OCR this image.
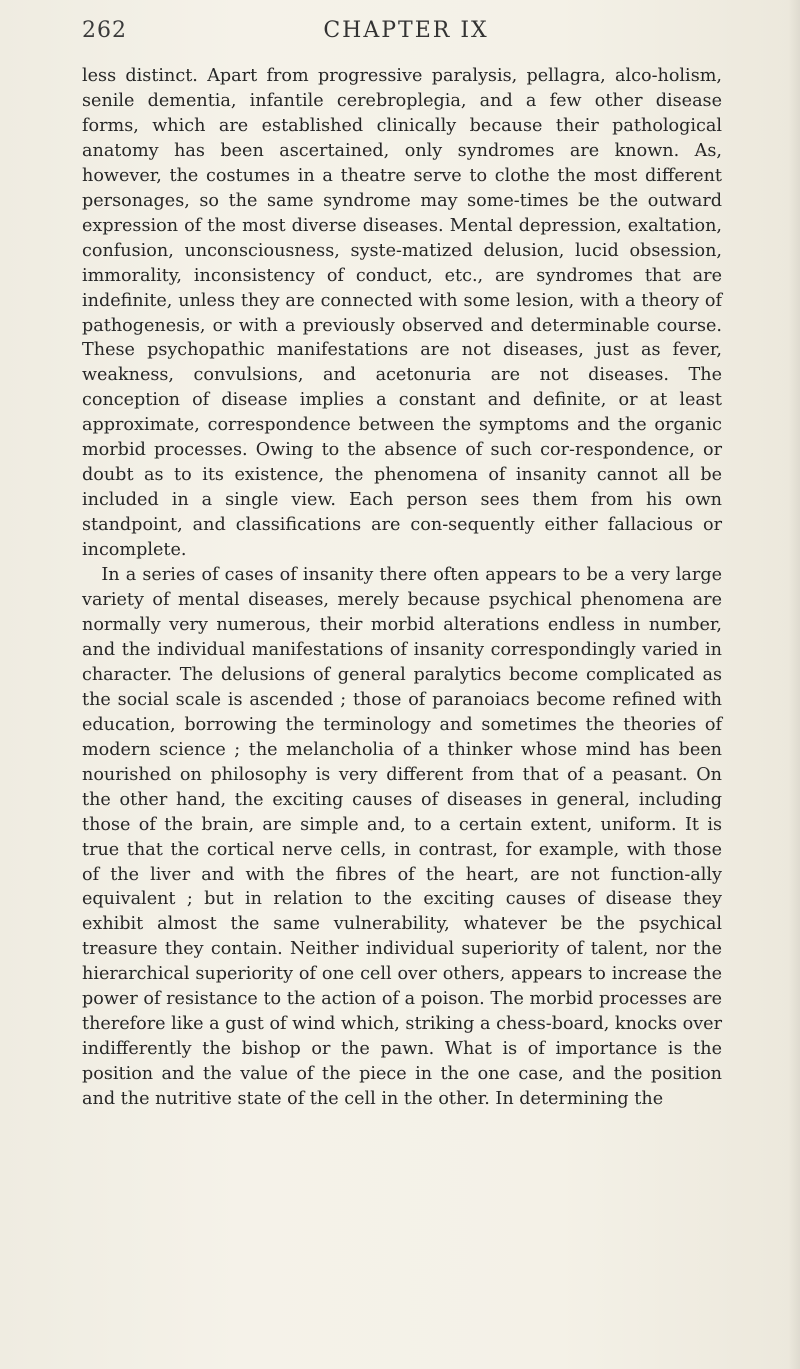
262	CHAPTER IX

less distinct. Apart from progressive paralysis, pellagra, alco-holism, senile dementia, infantile cerebroplegia, and a few other disease forms, which are established clinically because their pathological anatomy has been ascertained, only syndromes are known. As, however, the costumes in a theatre serve to clothe the most different personages, so the same syndrome may some-times be the outward expression of the most diverse diseases. Mental depression, exaltation, confusion, unconsciousness, syste-matized delusion, lucid obsession, immorality, inconsistency of conduct, etc., are syndromes that are indefinite, unless they are connected with some lesion, with a theory of pathogenesis, or with a previously observed and determinable course. These psychopathic manifestations are not diseases, just as fever, weakness, convulsions, and acetonuria are not diseases. The conception of disease implies a constant and definite, or at least approximate, correspondence between the symptoms and the organic morbid processes. Owing to the absence of such cor-respondence, or doubt as to its existence, the phenomena of insanity cannot all be included in a single view. Each person sees them from his own standpoint, and classifications are con-sequently either fallacious or incomplete.

In a series of cases of insanity there often appears to be a very large variety of mental diseases, merely because psychical phenomena are normally very numerous, their morbid alterations endless in number, and the individual manifestations of insanity correspondingly varied in character. The delusions of general paralytics become complicated as the social scale is ascended ; those of paranoiacs become refined with education, borrowing the terminology and sometimes the theories of modern science ; the melancholia of a thinker whose mind has been nourished on philosophy is very different from that of a peasant. On the other hand, the exciting causes of diseases in general, including those of the brain, are simple and, to a certain extent, uniform. It is true that the cortical nerve cells, in contrast, for example, with those of the liver and with the fibres of the heart, are not function-ally equivalent ; but in relation to the exciting causes of disease they exhibit almost the same vulnerability, whatever be the psychical treasure they contain. Neither individual superiority of talent, nor the hierarchical superiority of one cell over others, appears to increase the power of resistance to the action of a poison. The morbid processes are therefore like a gust of wind which, striking a chess-board, knocks over indifferently the bishop or the pawn. What is of importance is the position and the value of the piece in the one case, and the position and the nutritive state of the cell in the other. In determining the
